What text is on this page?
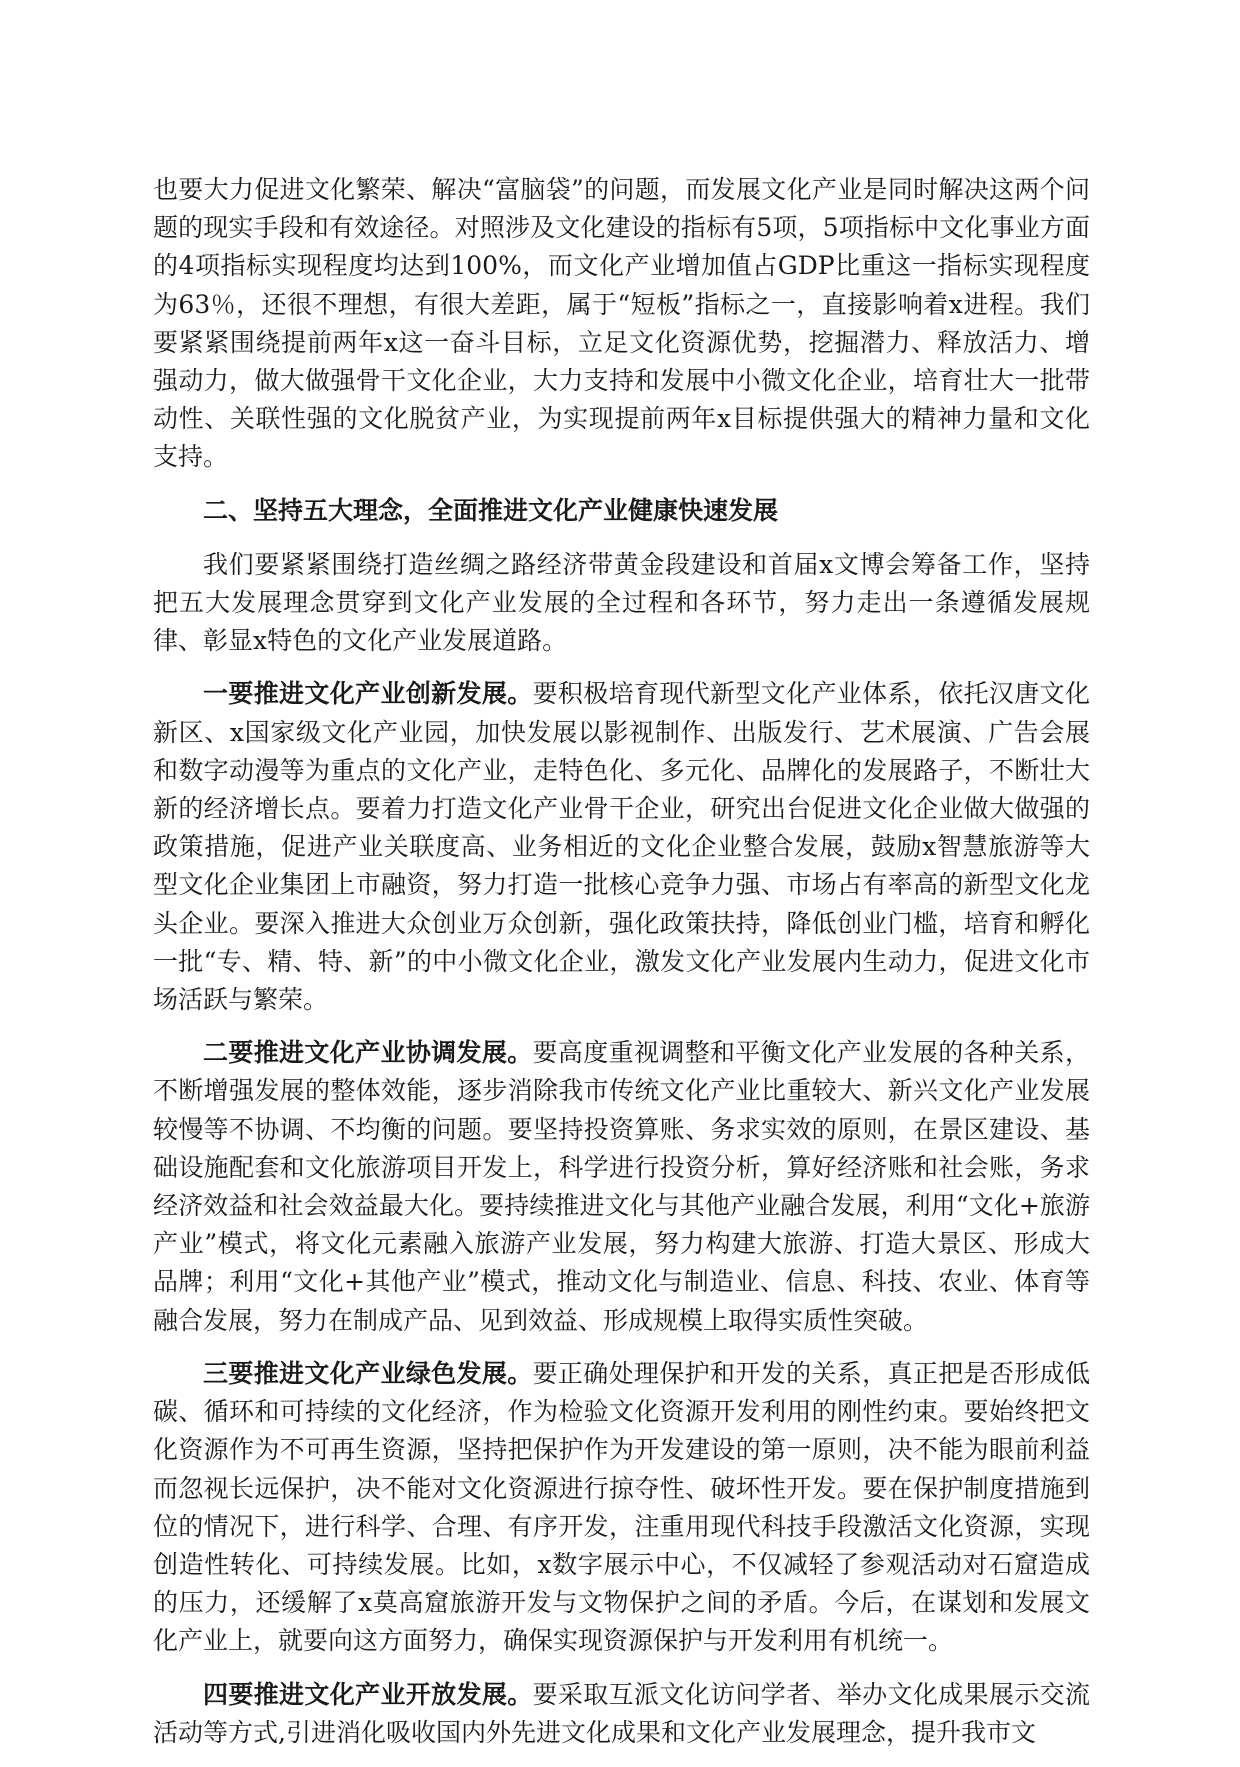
也要大力促进文化繁荣、解决“富脑袋”的问题，而发展文化产业是同时解决这两个问题的现实手段和有效途径。对照涉及文化建设的指标有5项，5项指标中文化事业方面的4项指标实现程度均达到100%，而文化产业增加值占GDP比重这一指标实现程度为63％，还很不理想，有很大差距，属于“短板”指标之一，直接影响着x进程。我们要紧紧围绕提前两年x这一奋斗目标，立足文化资源优势，挖掘潜力、释放活力、增强动力，做大做强骨干文化企业，大力支持和发展中小微文化企业，培育壮大一批带动性、关联性强的文化脱贫产业，为实现提前两年x目标提供强大的精神力量和文化支持。

二、坚持五大理念，全面推进文化产业健康快速发展

我们要紧紧围绕打造丝绸之路经济带黄金段建设和首届x文博会筹备工作，坚持把五大发展理念贯穿到文化产业发展的全过程和各环节，努力走出一条遵循发展规律、彰显x特色的文化产业发展道路。

一要推进文化产业创新发展。要积极培育现代新型文化产业体系，依托汉唐文化新区、x国家级文化产业园，加快发展以影视制作、出版发行、艺术展演、广告会展和数字动漫等为重点的文化产业，走特色化、多元化、品牌化的发展路子，不断壮大新的经济增长点。要着力打造文化产业骨干企业，研究出台促进文化企业做大做强的政策措施，促进产业关联度高、业务相近的文化企业整合发展，鼓励x智慧旅游等大型文化企业集团上市融资，努力打造一批核心竞争力强、市场占有率高的新型文化龙头企业。要深入推进大众创业万众创新，强化政策扶持，降低创业门槛，培育和孵化一批“专、精、特、新”的中小微文化企业，激发文化产业发展内生动力，促进文化市场活跃与繁荣。

二要推进文化产业协调发展。要高度重视调整和平衡文化产业发展的各种关系，不断增强发展的整体效能，逐步消除我市传统文化产业比重较大、新兴文化产业发展较慢等不协调、不均衡的问题。要坚持投资算账、务求实效的原则，在景区建设、基础设施配套和文化旅游项目开发上，科学进行投资分析，算好经济账和社会账，务求经济效益和社会效益最大化。要持续推进文化与其他产业融合发展，利用“文化+旅游产业”模式，将文化元素融入旅游产业发展，努力构建大旅游、打造大景区、形成大品牌；利用“文化+其他产业”模式，推动文化与制造业、信息、科技、农业、体育等融合发展，努力在制成产品、见到效益、形成规模上取得实质性突破。

三要推进文化产业绿色发展。要正确处理保护和开发的关系，真正把是否形成低碳、循环和可持续的文化经济，作为检验文化资源开发利用的刚性约束。要始终把文化资源作为不可再生资源，坚持把保护作为开发建设的第一原则，决不能为眼前利益而忽视长远保护，决不能对文化资源进行掠夺性、破坏性开发。要在保护制度措施到位的情况下，进行科学、合理、有序开发，注重用现代科技手段激活文化资源，实现创造性转化、可持续发展。比如，x数字展示中心，不仅减轻了参观活动对石窟造成的压力，还缓解了x莫高窟旅游开发与文物保护之间的矛盾。今后，在谋划和发展文化产业上，就要向这方面努力，确保实现资源保护与开发利用有机统一。

四要推进文化产业开放发展。要采取互派文化访问学者、举办文化成果展示交流活动等方式,引进消化吸收国内外先进文化成果和文化产业发展理念，提升我市文
